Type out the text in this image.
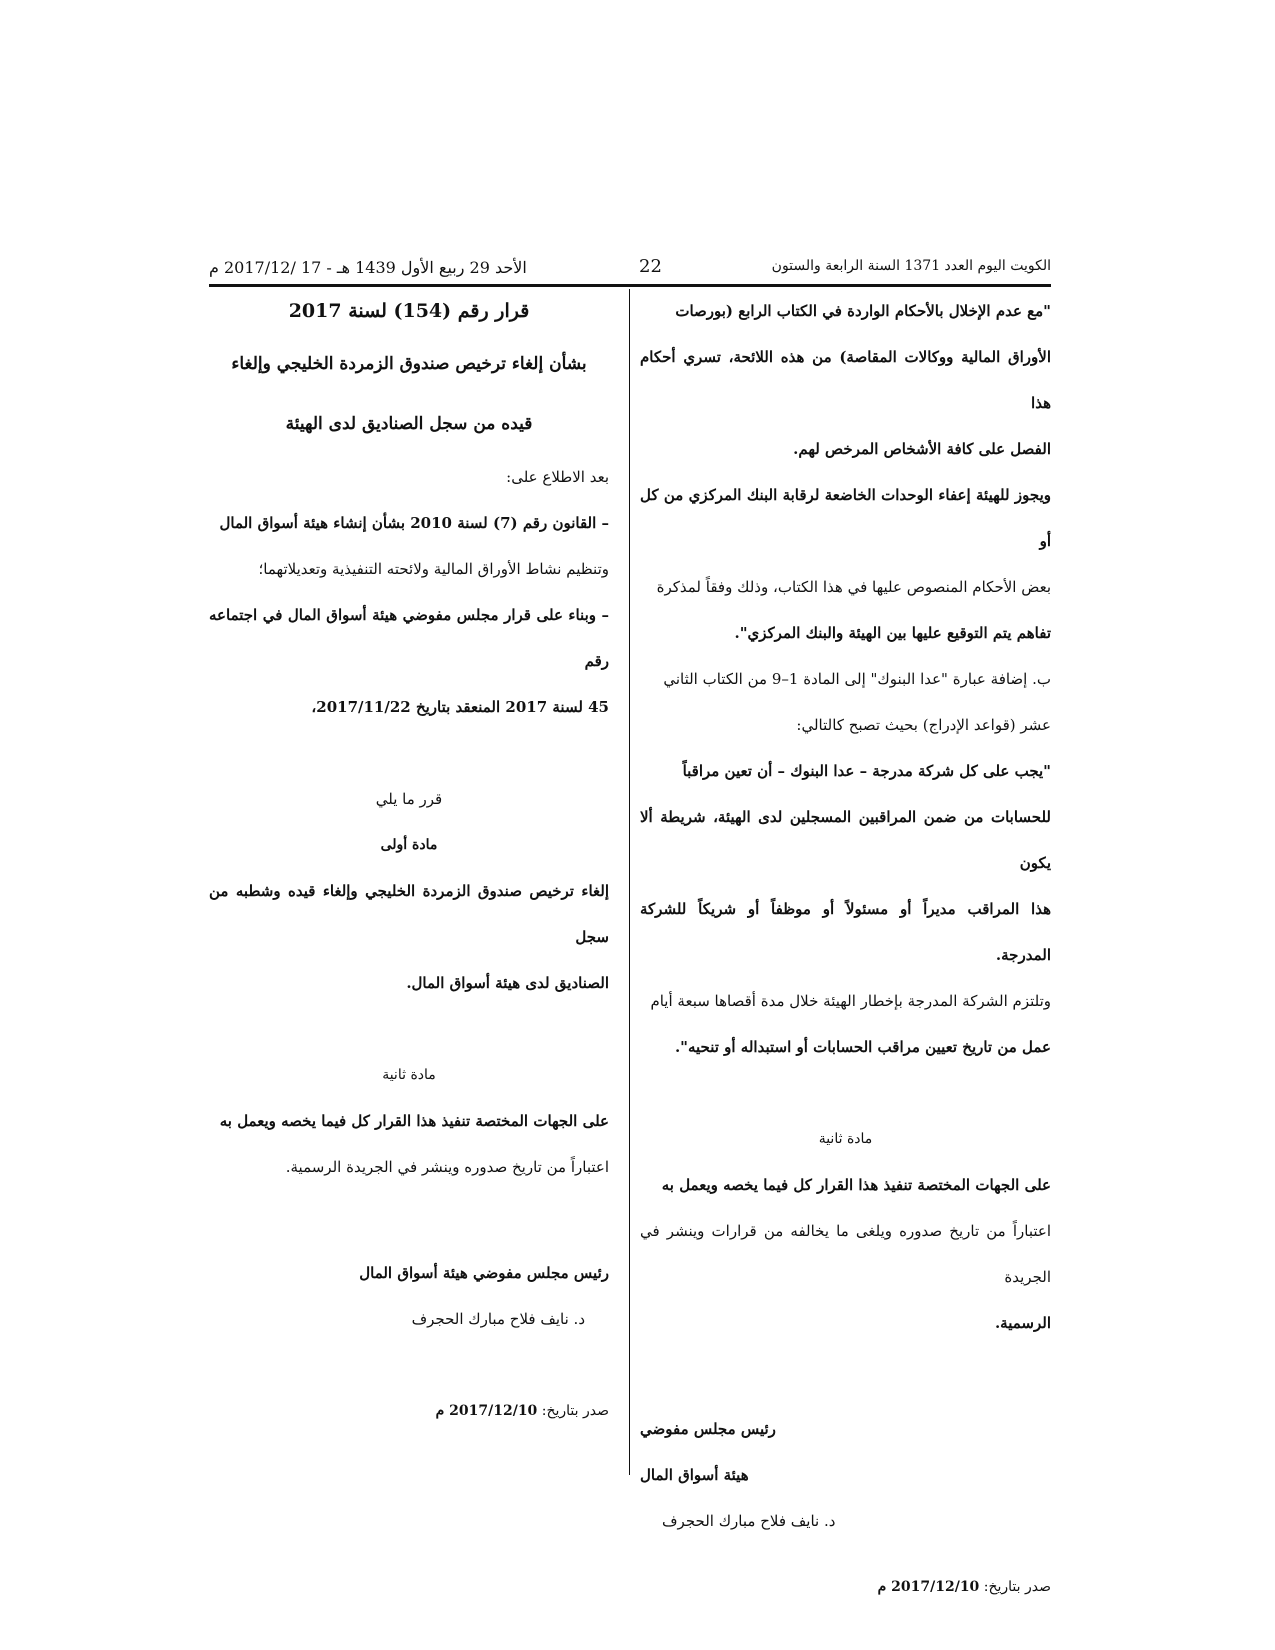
الأحد 29 ربيع الأول 1439 هـ - 17 /2017/12 م	22	الكويت اليوم العدد 1371 السنة الرابعة والستون

"مع عدم الإخلال بالأحكام الواردة في الكتاب الرابع (بورصات

الأوراق المالية ووكالات المقاصة) من هذه اللائحة، تسري أحكام هذا

الفصل على كافة الأشخاص المرخص لهم.

ويجوز للهيئة إعفاء الوحدات الخاضعة لرقابة البنك المركزي من كل أو

بعض الأحكام المنصوص عليها في هذا الكتاب، وذلك وفقاً لمذكرة

تفاهم يتم التوقيع عليها بين الهيئة والبنك المركزي".

ب. إضافة عبارة "عدا البنوك" إلى المادة 1–9 من الكتاب الثاني

عشر (قواعد الإدراج) بحيث تصبح كالتالي:

"يجب على كل شركة مدرجة – عدا البنوك – أن تعين مراقباً

للحسابات من ضمن المراقبين المسجلين لدى الهيئة، شريطة ألا يكون

هذا المراقب مديراً أو مسئولاً أو موظفاً أو شريكاً للشركة المدرجة.

وتلتزم الشركة المدرجة بإخطار الهيئة خلال مدة أقصاها سبعة أيام

عمل من تاريخ تعيين مراقب الحسابات أو استبداله أو تنحيه".

مادة ثانية

على الجهات المختصة تنفيذ هذا القرار كل فيما يخصه ويعمل به

اعتباراً من تاريخ صدوره ويلغى ما يخالفه من قرارات وينشر في الجريدة

الرسمية.

رئيس مجلس مفوضي هيئة أسواق المال

د. نايف فلاح مبارك الحجرف

صدر بتاريخ: 2017/12/10 م

قرار رقم (154) لسنة 2017

بشأن إلغاء ترخيص صندوق الزمردة الخليجي وإلغاء

قيده من سجل الصناديق لدى الهيئة

بعد الاطلاع على:

– القانون رقم (7) لسنة 2010 بشأن إنشاء هيئة أسواق المال

وتنظيم نشاط الأوراق المالية ولائحته التنفيذية وتعديلاتهما؛

– وبناء على قرار مجلس مفوضي هيئة أسواق المال في اجتماعه رقم

45 لسنة 2017 المنعقد بتاريخ 2017/11/22،

قرر ما يلي

مادة أولى

إلغاء ترخيص صندوق الزمردة الخليجي وإلغاء قيده وشطبه من سجل

الصناديق لدى هيئة أسواق المال.

مادة ثانية

على الجهات المختصة تنفيذ هذا القرار كل فيما يخصه ويعمل به

اعتباراً من تاريخ صدوره وينشر في الجريدة الرسمية.

رئيس مجلس مفوضي هيئة أسواق المال

د. نايف فلاح مبارك الحجرف

صدر بتاريخ: 2017/12/10 م
